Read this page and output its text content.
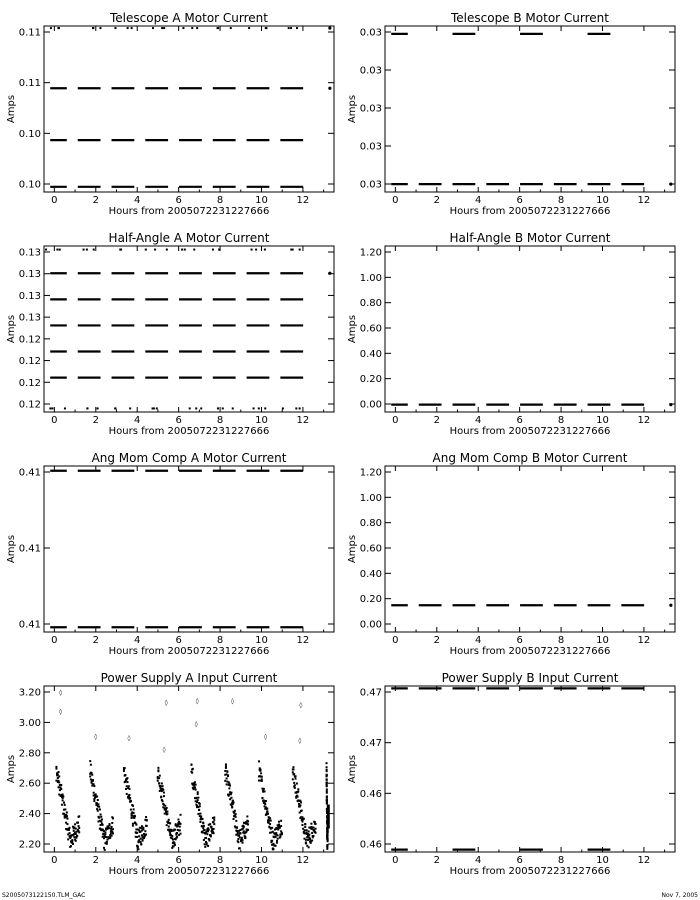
Telescope A Motor Current
0	2	4	6	8	10	12
Hours from 2005072231227666
0.10
0.10
0.11
0.11
Amps
Telescope B Motor Current
0	2	4	6	8	10	12
Hours from 2005072231227666
0.03
0.03
0.03
0.03
0.03
Amps
Half-Angle A Motor Current
0	2	4	6	8	10	12
Hours from 2005072231227666
0.12
0.12
0.12
0.12
0.13
0.13
0.13
0.13
Amps
Half-Angle B Motor Current
0	2	4	6	8	10	12
Hours from 2005072231227666
0.00
0.20
0.40
0.60
0.80
1.00
1.20
Amps
Ang Mom Comp A Motor Current
0	2	4	6	8	10	12
Hours from 2005072231227666
0.41
0.41
0.41
Amps
Ang Mom Comp B Motor Current
0	2	4	6	8	10	12
Hours from 2005072231227666
0.00
0.20
0.40
0.60
0.80
1.00
1.20
Amps
Power Supply A Input Current
0	2	4	6	8	10	12
Hours from 2005072231227666
2.20
2.40
2.60
2.80
3.00
3.20
Amps
◊
◊
◊	◊
◊
◊
◊
◊
◊
◊
◊
◊
Power Supply B Input Current
0	2	4	6	8	10	12
Hours from 2005072231227666
0.46
0.46
0.47
0.47
Amps
S2005073122150.TLM_GAC	Nov 7, 2005
